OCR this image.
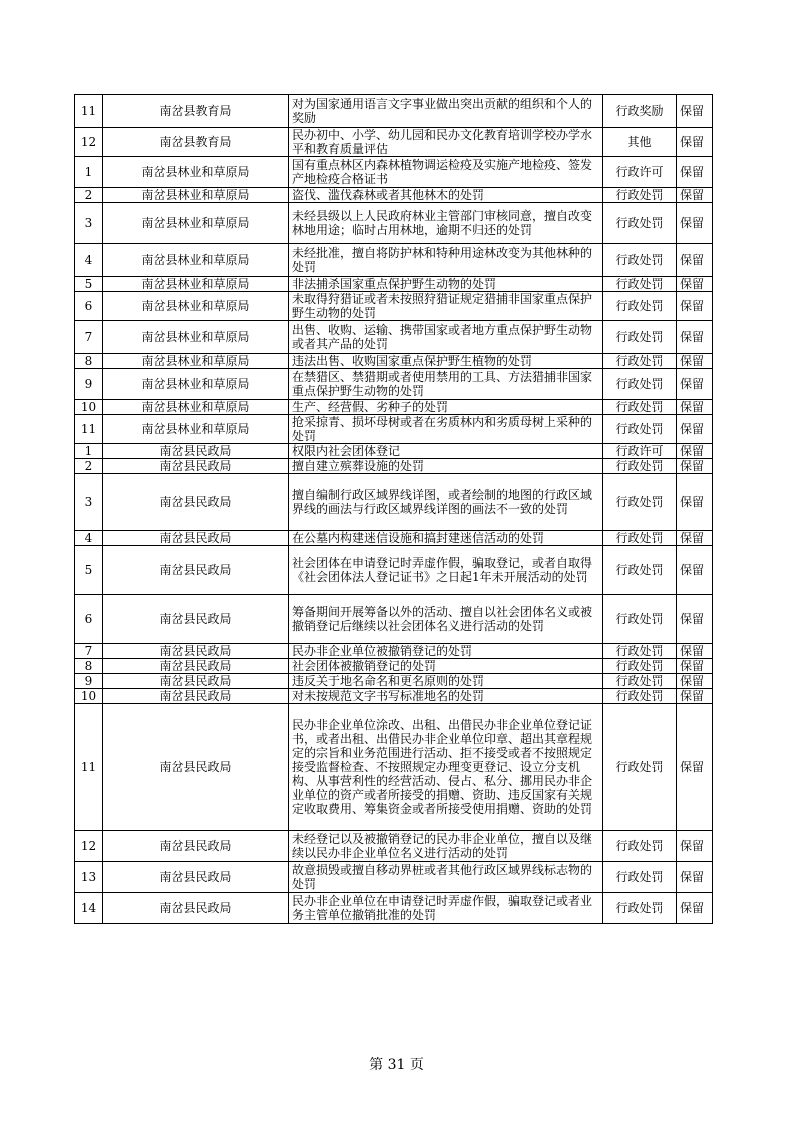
11	南岔县教育局	对为国家通用语言文字事业做出突出贡献的组织和个人的奖励	行政奖励	保留
12	南岔县教育局	民办初中、小学、幼儿园和民办文化教育培训学校办学水平和教育质量评估	其他	保留
1	南岔县林业和草原局	国有重点林区内森林植物调运检疫及实施产地检疫、签发产地检疫合格证书	行政许可	保留
2	南岔县林业和草原局	盗伐、滥伐森林或者其他林木的处罚	行政处罚	保留
3	南岔县林业和草原局	未经县级以上人民政府林业主管部门审核同意，擅自改变林地用途；临时占用林地，逾期不归还的处罚	行政处罚	保留
4	南岔县林业和草原局	未经批准，擅自将防护林和特种用途林改变为其他林种的处罚	行政处罚	保留
5	南岔县林业和草原局	非法捕杀国家重点保护野生动物的处罚	行政处罚	保留
6	南岔县林业和草原局	未取得狩猎证或者未按照狩猎证规定猎捕非国家重点保护野生动物的处罚	行政处罚	保留
7	南岔县林业和草原局	出售、收购、运输、携带国家或者地方重点保护野生动物或者其产品的处罚	行政处罚	保留
8	南岔县林业和草原局	违法出售、收购国家重点保护野生植物的处罚	行政处罚	保留
9	南岔县林业和草原局	在禁猎区、禁猎期或者使用禁用的工具、方法猎捕非国家重点保护野生动物的处罚	行政处罚	保留
10	南岔县林业和草原局	生产、经营假、劣种子的处罚	行政处罚	保留
11	南岔县林业和草原局	抢采掠青、损坏母树或者在劣质林内和劣质母树上采种的处罚	行政处罚	保留
1	南岔县民政局	权限内社会团体登记	行政许可	保留
2	南岔县民政局	擅自建立殡葬设施的处罚	行政处罚	保留
3	南岔县民政局	擅自编制行政区域界线详图，或者绘制的地图的行政区域界线的画法与行政区域界线详图的画法不一致的处罚	行政处罚	保留
4	南岔县民政局	在公墓内构建迷信设施和搞封建迷信活动的处罚	行政处罚	保留
5	南岔县民政局	社会团体在申请登记时弄虚作假，骗取登记，或者自取得《社会团体法人登记证书》之日起1年未开展活动的处罚	行政处罚	保留
6	南岔县民政局	筹备期间开展筹备以外的活动、擅自以社会团体名义或被撤销登记后继续以社会团体名义进行活动的处罚	行政处罚	保留
7	南岔县民政局	民办非企业单位被撤销登记的处罚	行政处罚	保留
8	南岔县民政局	社会团体被撤销登记的处罚	行政处罚	保留
9	南岔县民政局	违反关于地名命名和更名原则的处罚	行政处罚	保留
10	南岔县民政局	对未按规范文字书写标准地名的处罚	行政处罚	保留
11	南岔县民政局	民办非企业单位涂改、出租、出借民办非企业单位登记证书，或者出租、出借民办非企业单位印章、超出其章程规定的宗旨和业务范围进行活动、拒不接受或者不按照规定接受监督检查、不按照规定办理变更登记、设立分支机构、从事营利性的经营活动、侵占、私分、挪用民办非企业单位的资产或者所接受的捐赠、资助、违反国家有关规定收取费用、筹集资金或者所接受使用捐赠、资助的处罚	行政处罚	保留
12	南岔县民政局	未经登记以及被撤销登记的民办非企业单位，擅自以及继续以民办非企业单位名义进行活动的处罚	行政处罚	保留
13	南岔县民政局	故意损毁或擅自移动界桩或者其他行政区域界线标志物的处罚	行政处罚	保留
14	南岔县民政局	民办非企业单位在申请登记时弄虚作假，骗取登记或者业务主管单位撤销批准的处罚	行政处罚	保留
第 31 页
